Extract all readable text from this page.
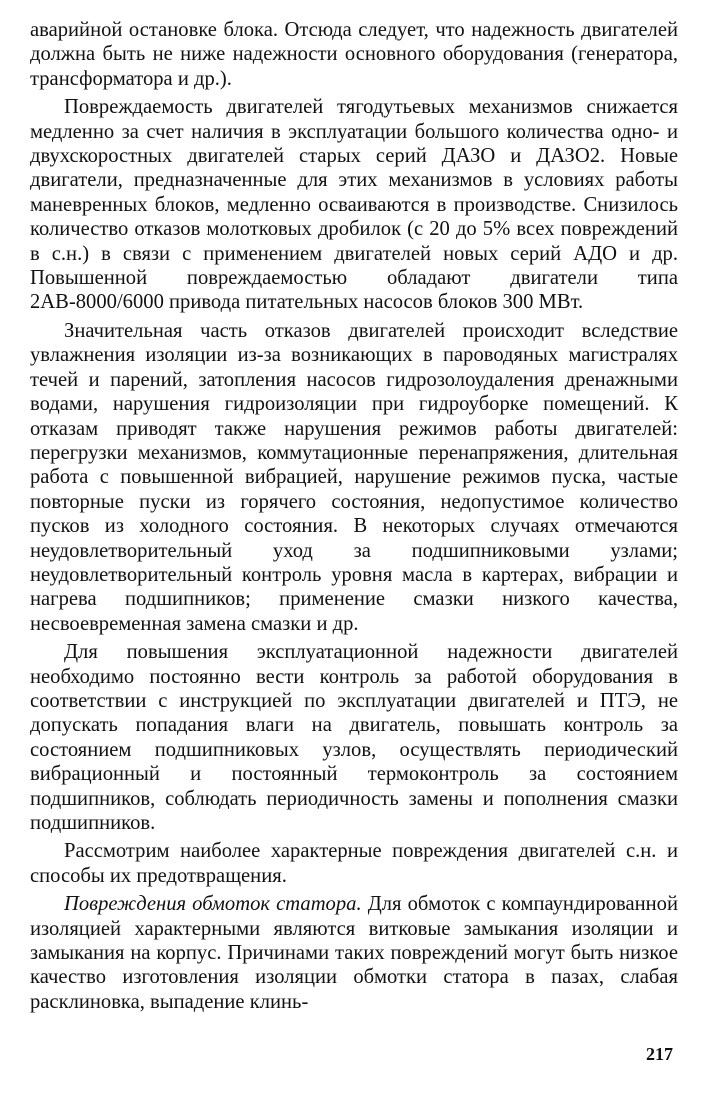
аварийной остановке блока. Отсюда следует, что надежность двигателей должна быть не ниже надежности основного оборудования (генератора, трансформатора и др.).

Повреждаемость двигателей тягодутьевых механизмов снижается медленно за счет наличия в эксплуатации большого количества одно- и двухскоростных двигателей старых серий ДАЗО и ДАЗО2. Новые двигатели, предназначенные для этих механизмов в условиях работы маневренных блоков, медленно осваиваются в производстве. Снизилось количество отказов молотковых дробилок (с 20 до 5% всех повреждений в с.н.) в связи с применением двигателей новых серий АДО и др. Повышенной повреждаемостью обладают двигатели типа 2АВ-8000/6000 привода питательных насосов блоков 300 МВт.

Значительная часть отказов двигателей происходит вследствие увлажнения изоляции из-за возникающих в пароводяных магистралях течей и парений, затопления насосов гидрозолоудаления дренажными водами, нарушения гидроизоляции при гидроуборке помещений. К отказам приводят также нарушения режимов работы двигателей: перегрузки механизмов, коммутационные перенапряжения, длительная работа с повышенной вибрацией, нарушение режимов пуска, частые повторные пуски из горячего состояния, недопустимое количество пусков из холодного состояния. В некоторых случаях отмечаются неудовлетворительный уход за подшипниковыми узлами; неудовлетворительный контроль уровня масла в картерах, вибрации и нагрева подшипников; применение смазки низкого качества, несвоевременная замена смазки и др.

Для повышения эксплуатационной надежности двигателей необходимо постоянно вести контроль за работой оборудования в соответствии с инструкцией по эксплуатации двигателей и ПТЭ, не допускать попадания влаги на двигатель, повышать контроль за состоянием подшипниковых узлов, осуществлять периодический вибрационный и постоянный термоконтроль за состоянием подшипников, соблюдать периодичность замены и пополнения смазки подшипников.

Рассмотрим наиболее характерные повреждения двигателей с.н. и способы их предотвращения.

Повреждения обмоток статора. Для обмоток с компаундированной изоляцией характерными являются витковые замыкания изоляции и замыкания на корпус. Причинами таких повреждений могут быть низкое качество изготовления изоляции обмотки статора в пазах, слабая расклиновка, выпадение клинь-

217
